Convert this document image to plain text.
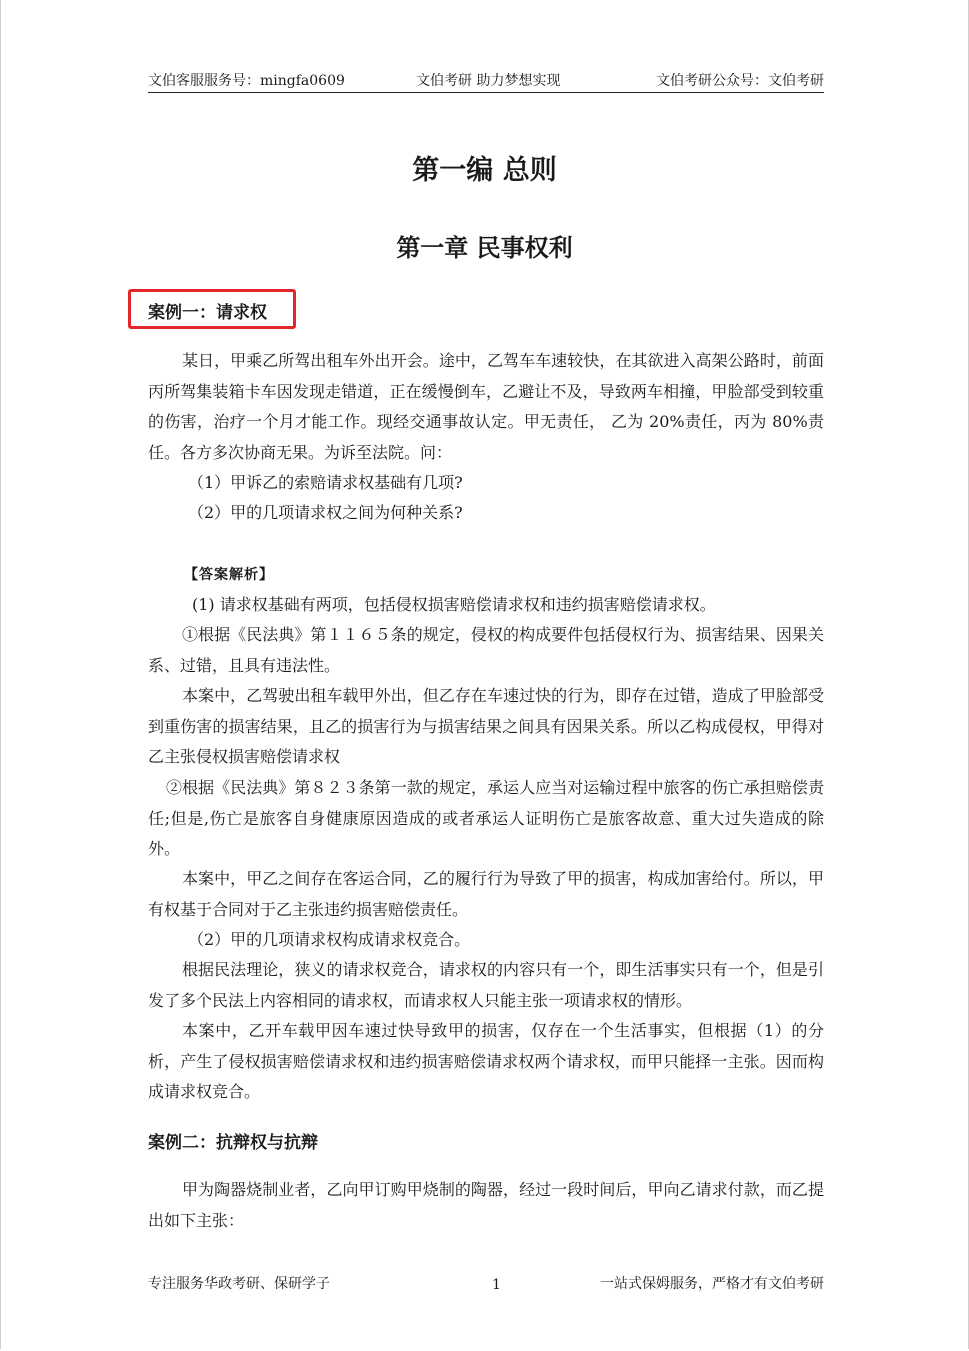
文伯客服服务号：mingfa0609	文伯考研 助力梦想实现	文伯考研公众号：文伯考研
第一编 总则
第一章 民事权利
案例一：请求权

某日，甲乘乙所驾出租车外出开会。途中，乙驾车车速较快，在其欲进入高架公路时，前面丙所驾集装箱卡车因发现走错道，正在缓慢倒车，乙避让不及，导致两车相撞，甲脸部受到较重的伤害，治疗一个月才能工作。现经交通事故认定。甲无责任， 乙为 20%责任，丙为 80%责任。各方多次协商无果。为诉至法院。问：

（1）甲诉乙的索赔请求权基础有几项?

（2）甲的几项请求权之间为何种关系?

【答案解析】

(1) 请求权基础有两项，包括侵权损害赔偿请求权和违约损害赔偿请求权。

①根据《民法典》第１１６５条的规定，侵权的构成要件包括侵权行为、损害结果、因果关系、过错，且具有违法性。

本案中，乙驾驶出租车载甲外出，但乙存在车速过快的行为，即存在过错，造成了甲脸部受到重伤害的损害结果，且乙的损害行为与损害结果之间具有因果关系。所以乙构成侵权，甲得对乙主张侵权损害赔偿请求权

②根据《民法典》第８２３条第一款的规定，承运人应当对运输过程中旅客的伤亡承担赔偿责任;但是,伤亡是旅客自身健康原因造成的或者承运人证明伤亡是旅客故意、重大过失造成的除外。

本案中，甲乙之间存在客运合同，乙的履行行为导致了甲的损害，构成加害给付。所以，甲有权基于合同对于乙主张违约损害赔偿责任。

（2）甲的几项请求权构成请求权竞合。

根据民法理论，狭义的请求权竞合，请求权的内容只有一个，即生活事实只有一个，但是引发了多个民法上内容相同的请求权，而请求权人只能主张一项请求权的情形。

本案中，乙开车载甲因车速过快导致甲的损害，仅存在一个生活事实，但根据（1）的分析，产生了侵权损害赔偿请求权和违约损害赔偿请求权两个请求权，而甲只能择一主张。因而构成请求权竞合。

案例二：抗辩权与抗辩

甲为陶器烧制业者，乙向甲订购甲烧制的陶器，经过一段时间后，甲向乙请求付款，而乙提出如下主张：

专注服务华政考研、保研学子	1	一站式保姆服务，严格才有文伯考研
